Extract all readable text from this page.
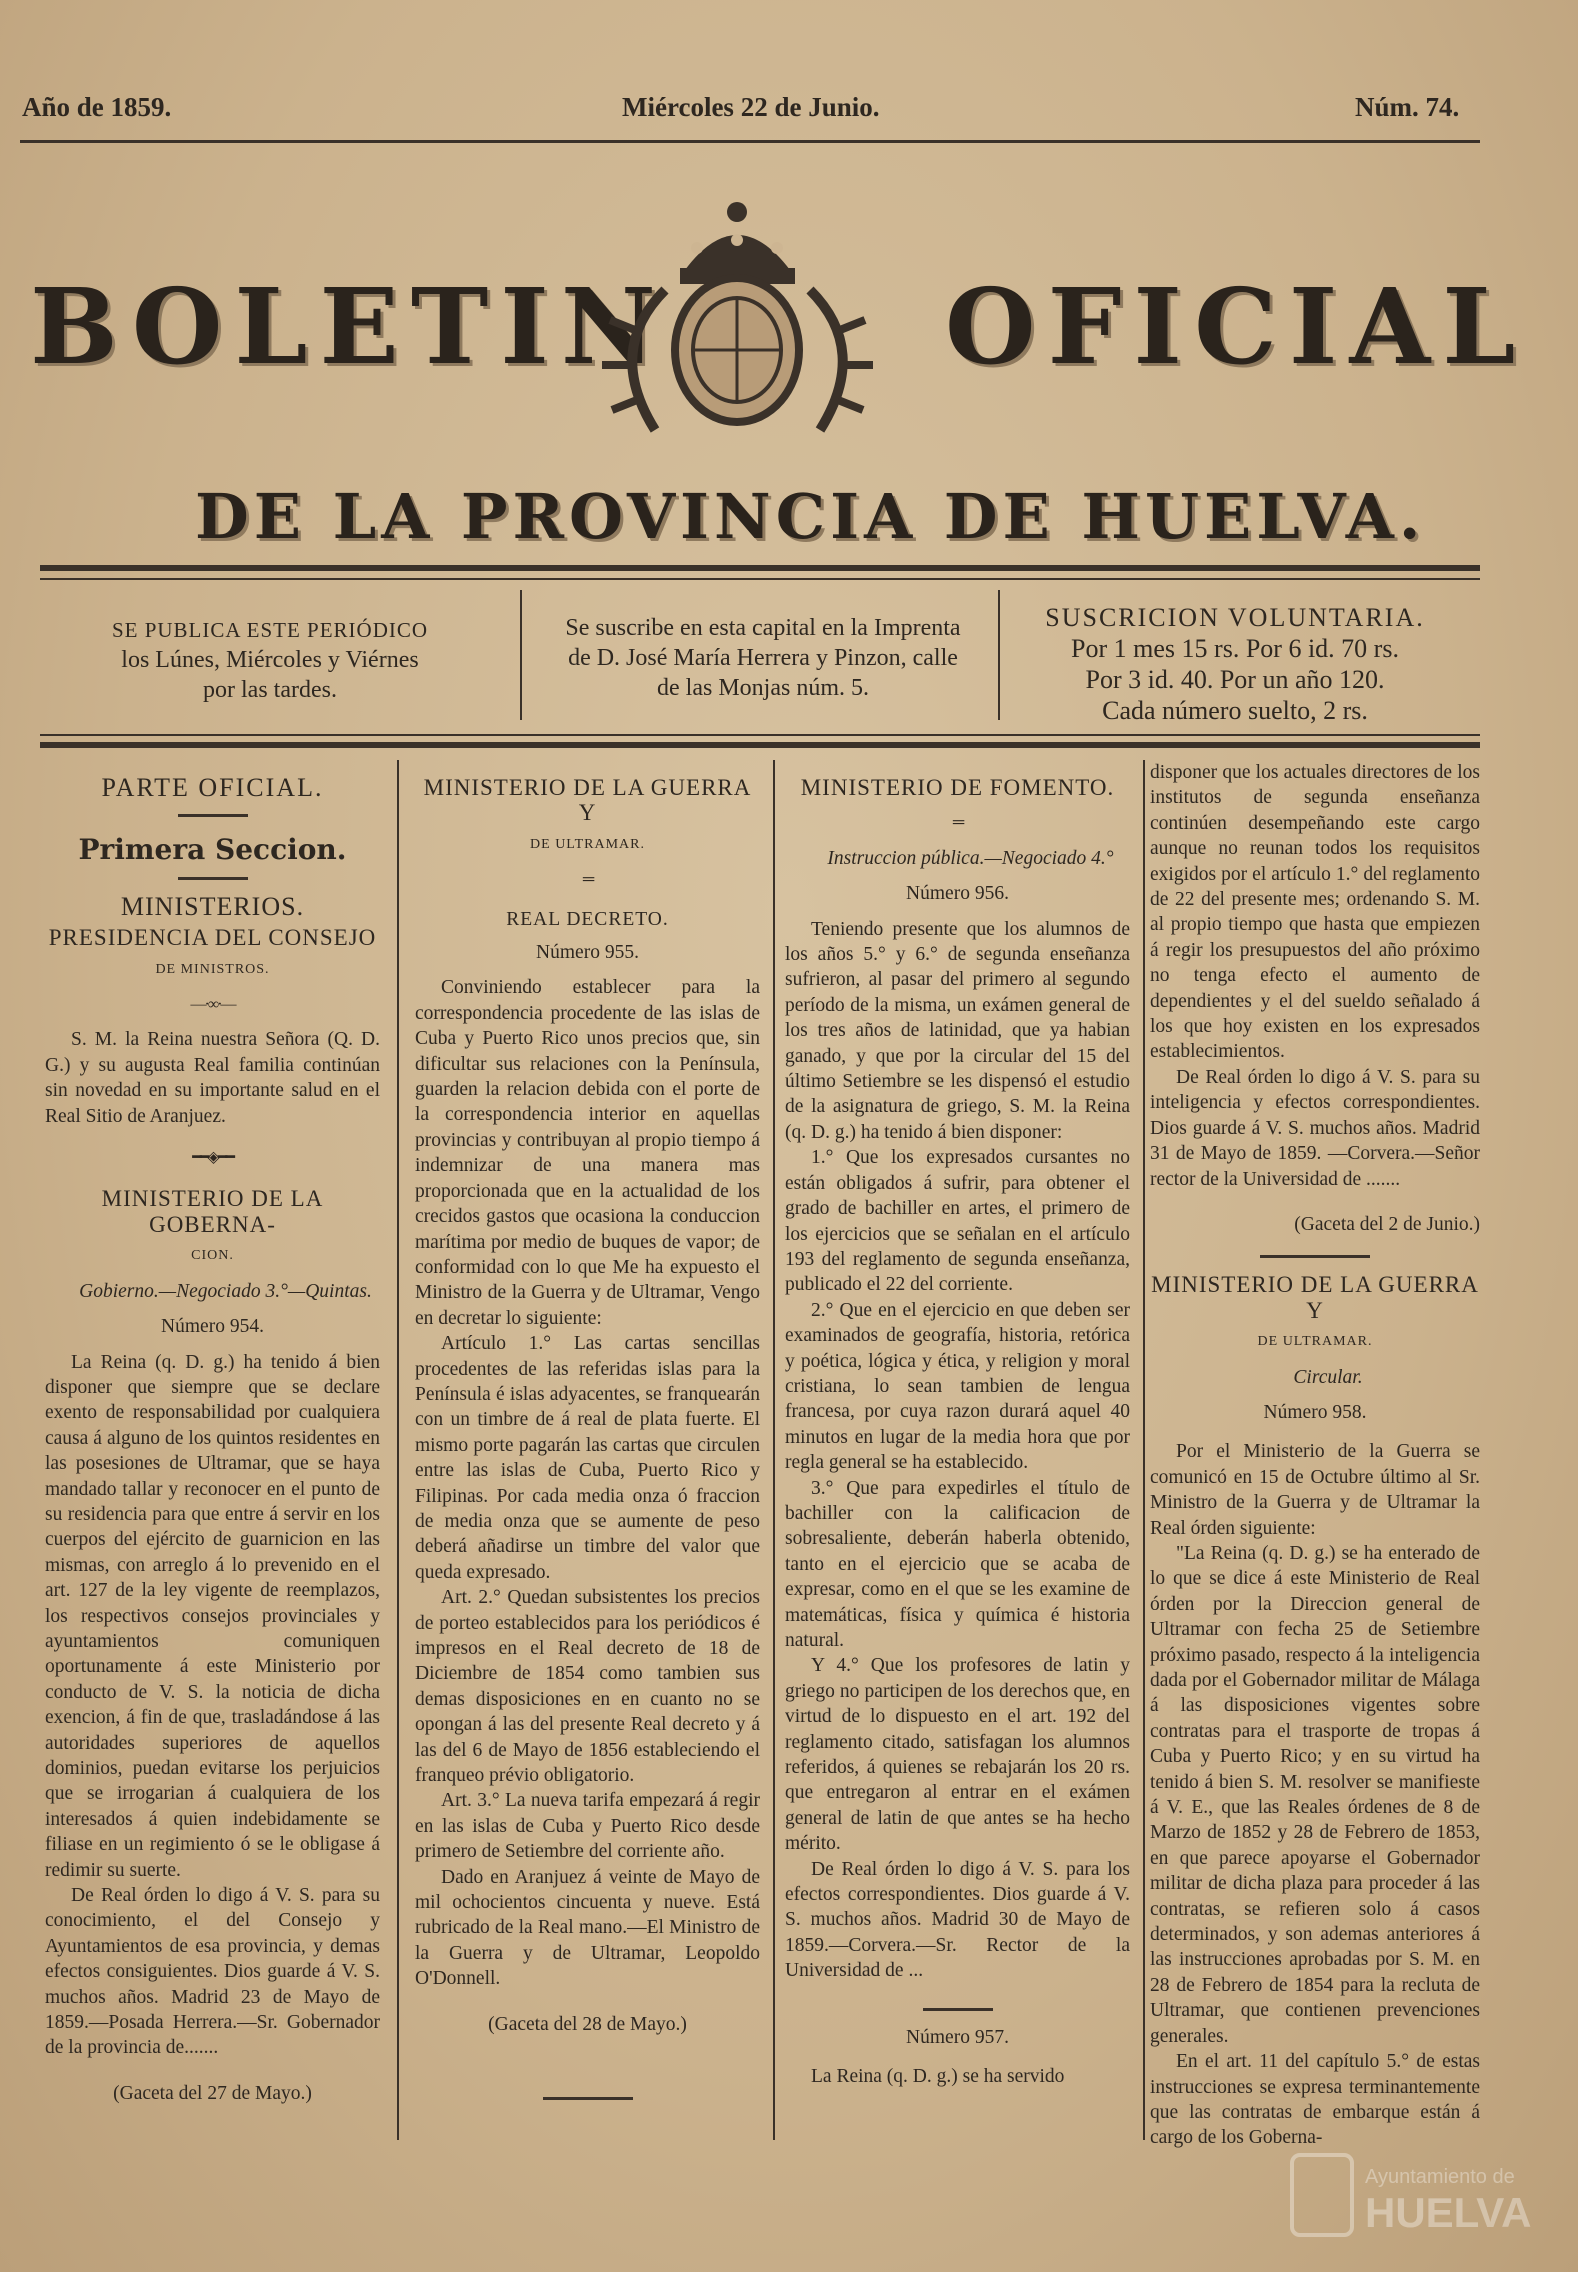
Año de 1859.	Miércoles 22 de Junio.	Núm. 74.
BOLETIN	OFICIAL
DE LA PROVINCIA DE HUELVA.
SE PUBLICA ESTE PERIÓDICO
los Lúnes, Miércoles y Viérnes
por las tardes.
Se suscribe en esta capital en la Imprenta
de D. José María Herrera y Pinzon, calle
de las Monjas núm. 5.
SUSCRICION VOLUNTARIA.
Por 1 mes 15 rs. Por 6 id. 70 rs.
Por 3 id. 40. Por un año 120.
Cada número suelto, 2 rs.
PARTE OFICIAL.
Primera Seccion.
MINISTERIOS.
PRESIDENCIA DEL CONSEJO
DE MINISTROS.
—·∞·—

S. M. la Reina nuestra Señora (Q. D. G.) y su augusta Real familia continúan sin novedad en su importante salud en el Real Sitio de Aranjuez.

━━◈━━
MINISTERIO DE LA GOBERNA-
CION.

Gobierno.—Negociado 3.°—Quintas.

Número 954.

La Reina (q. D. g.) ha tenido á bien disponer que siempre que se declare exento de responsabilidad por cualquiera causa á alguno de los quintos residentes en las posesiones de Ultramar, que se haya mandado tallar y reconocer en el punto de su residencia para que entre á servir en los cuerpos del ejército de guarnicion en las mismas, con arreglo á lo prevenido en el art. 127 de la ley vigente de reemplazos, los respectivos consejos provinciales y ayuntamientos comuniquen oportunamente á este Ministerio por conducto de V. S. la noticia de dicha exencion, á fin de que, trasladándose á las autoridades superiores de aquellos dominios, puedan evitarse los perjuicios que se irrogarian á cualquiera de los interesados á quien indebidamente se filiase en un regimiento ó se le obligase á redimir su suerte.

De Real órden lo digo á V. S. para su conocimiento, el del Consejo y Ayuntamientos de esa provincia, y demas efectos consiguientes. Dios guarde á V. S. muchos años. Madrid 23 de Mayo de 1859.—Posada Herrera.—Sr. Gobernador de la provincia de.......

(Gaceta del 27 de Mayo.)

MINISTERIO DE LA GUERRA Y
DE ULTRAMAR.
═

REAL DECRETO.

Número 955.

Conviniendo establecer para la correspondencia procedente de las islas de Cuba y Puerto Rico unos precios que, sin dificultar sus relaciones con la Península, guarden la relacion debida con el porte de la correspondencia interior en aquellas provincias y contribuyan al propio tiempo á indemnizar de una manera mas proporcionada que en la actualidad de los crecidos gastos que ocasiona la conduccion marítima por medio de buques de vapor; de conformidad con lo que Me ha expuesto el Ministro de la Guerra y de Ultramar, Vengo en decretar lo siguiente:

Artículo 1.° Las cartas sencillas procedentes de las referidas islas para la Península é islas adyacentes, se franquearán con un timbre de á real de plata fuerte. El mismo porte pagarán las cartas que circulen entre las islas de Cuba, Puerto Rico y Filipinas. Por cada media onza ó fraccion de media onza que se aumente de peso deberá añadirse un timbre del valor que queda expresado.

Art. 2.° Quedan subsistentes los precios de porteo establecidos para los periódicos é impresos en el Real decreto de 18 de Diciembre de 1854 como tambien sus demas disposiciones en en cuanto no se opongan á las del presente Real decreto y á las del 6 de Mayo de 1856 estableciendo el franqueo prévio obligatorio.

Art. 3.° La nueva tarifa empezará á regir en las islas de Cuba y Puerto Rico desde primero de Setiembre del corriente año.

Dado en Aranjuez á veinte de Mayo de mil ochocientos cincuenta y nueve. Está rubricado de la Real mano.—El Ministro de la Guerra y de Ultramar, Leopoldo O'Donnell.

(Gaceta del 28 de Mayo.)

MINISTERIO DE FOMENTO.
═

Instruccion pública.—Negociado 4.°

Número 956.

Teniendo presente que los alumnos de los años 5.° y 6.° de segunda enseñanza sufrieron, al pasar del primero al segundo período de la misma, un exámen general de los tres años de latinidad, que ya habian ganado, y que por la circular del 15 del último Setiembre se les dispensó el estudio de la asignatura de griego, S. M. la Reina (q. D. g.) ha tenido á bien disponer:

1.° Que los expresados cursantes no están obligados á sufrir, para obtener el grado de bachiller en artes, el primero de los ejercicios que se señalan en el artículo 193 del reglamento de segunda enseñanza, publicado el 22 del corriente.

2.° Que en el ejercicio en que deben ser examinados de geografía, historia, retórica y poética, lógica y ética, y religion y moral cristiana, lo sean tambien de lengua francesa, por cuya razon durará aquel 40 minutos en lugar de la media hora que por regla general se ha establecido.

3.° Que para expedirles el título de bachiller con la calificacion de sobresaliente, deberán haberla obtenido, tanto en el ejercicio que se acaba de expresar, como en el que se les examine de matemáticas, física y química é historia natural.

Y 4.° Que los profesores de latin y griego no participen de los derechos que, en virtud de lo dispuesto en el art. 192 del reglamento citado, satisfagan los alumnos referidos, á quienes se rebajarán los 20 rs. que entregaron al entrar en el exámen general de latin de que antes se ha hecho mérito.

De Real órden lo digo á V. S. para los efectos correspondientes. Dios guarde á V. S. muchos años. Madrid 30 de Mayo de 1859.—Corvera.—Sr. Rector de la Universidad de ...

Número 957.

La Reina (q. D. g.) se ha servido

disponer que los actuales directores de los institutos de segunda enseñanza continúen desempeñando este cargo aunque no reunan todos los requisitos exigidos por el artículo 1.° del reglamento de 22 del presente mes; ordenando S. M. al propio tiempo que hasta que empiezen á regir los presupuestos del año próximo no tenga efecto el aumento de dependientes y el del sueldo señalado á los que hoy existen en los expresados establecimientos.

De Real órden lo digo á V. S. para su inteligencia y efectos correspondientes. Dios guarde á V. S. muchos años. Madrid 31 de Mayo de 1859. —Corvera.—Señor rector de la Universidad de .......

(Gaceta del 2 de Junio.)

MINISTERIO DE LA GUERRA Y
DE ULTRAMAR.

Circular.

Número 958.

Por el Ministerio de la Guerra se comunicó en 15 de Octubre último al Sr. Ministro de la Guerra y de Ultramar la Real órden siguiente:

"La Reina (q. D. g.) se ha enterado de lo que se dice á este Ministerio de Real órden por la Direccion general de Ultramar con fecha 25 de Setiembre próximo pasado, respecto á la inteligencia dada por el Gobernador militar de Málaga á las disposiciones vigentes sobre contratas para el trasporte de tropas á Cuba y Puerto Rico; y en su virtud ha tenido á bien S. M. resolver se manifieste á V. E., que las Reales órdenes de 8 de Marzo de 1852 y 28 de Febrero de 1853, en que parece apoyarse el Gobernador militar de dicha plaza para proceder á las contratas, se refieren solo á casos determinados, y son ademas anteriores á las instrucciones aprobadas por S. M. en 28 de Febrero de 1854 para la recluta de Ultramar, que contienen prevenciones generales.

En el art. 11 del capítulo 5.° de estas instrucciones se expresa terminantemente que las contratas de embarque están á cargo de los Goberna-

Ayuntamiento de
HUELVA
